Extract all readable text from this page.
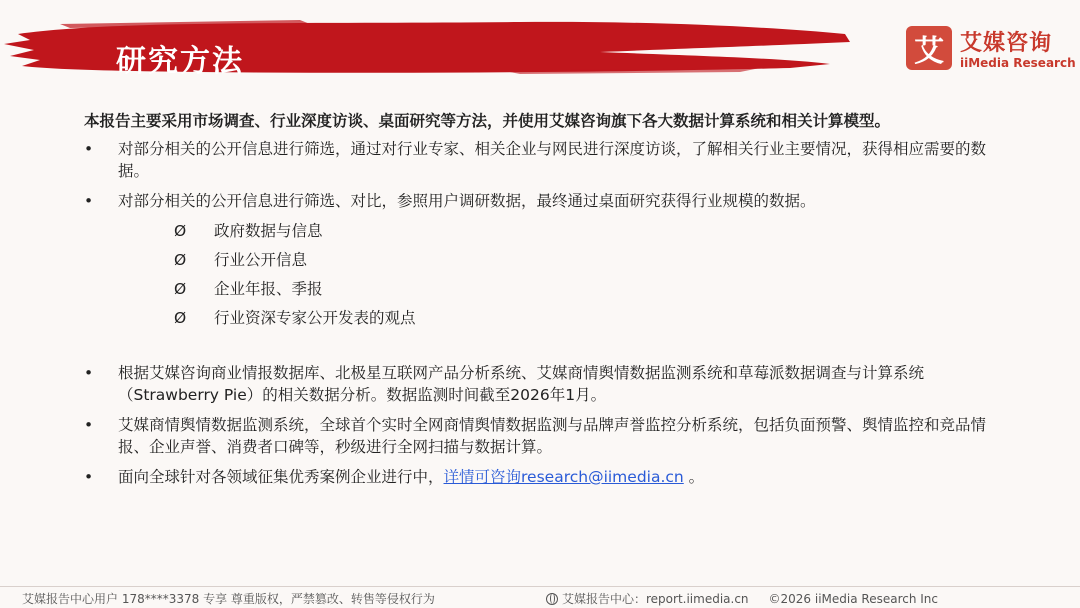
研究方法	艾 艾媒咨询
iiMedia Research
本报告主要采用市场调查、行业深度访谈、桌面研究等方法，并使用艾媒咨询旗下各大数据计算系统和相关计算模型。
• 对部分相关的公开信息进行筛选，通过对行业专家、相关企业与网民进行深度访谈，了解相关行业主要情况，获得相应需要的数据。
• 对部分相关的公开信息进行筛选、对比，参照用户调研数据，最终通过桌面研究获得行业规模的数据。
Ø 政府数据与信息
Ø 行业公开信息
Ø 企业年报、季报
Ø 行业资深专家公开发表的观点
• 根据艾媒咨询商业情报数据库、北极星互联网产品分析系统、艾媒商情舆情数据监测系统和草莓派数据调查与计算系统（Strawberry Pie）的相关数据分析。数据监测时间截至2026年1月。
• 艾媒商情舆情数据监测系统，全球首个实时全网商情舆情数据监测与品牌声誉监控分析系统，包括负面预警、舆情监控和竞品情报、企业声誉、消费者口碑等，秒级进行全网扫描与数据计算。
• 面向全球针对各领域征集优秀案例企业进行中，详情可咨询research@iimedia.cn 。
艾媒报告中心用户 178****3378 专享 尊重版权，严禁篡改、转售等侵权行为	艾媒报告中心：report.iimedia.cn ©2026 iiMedia Research Inc
